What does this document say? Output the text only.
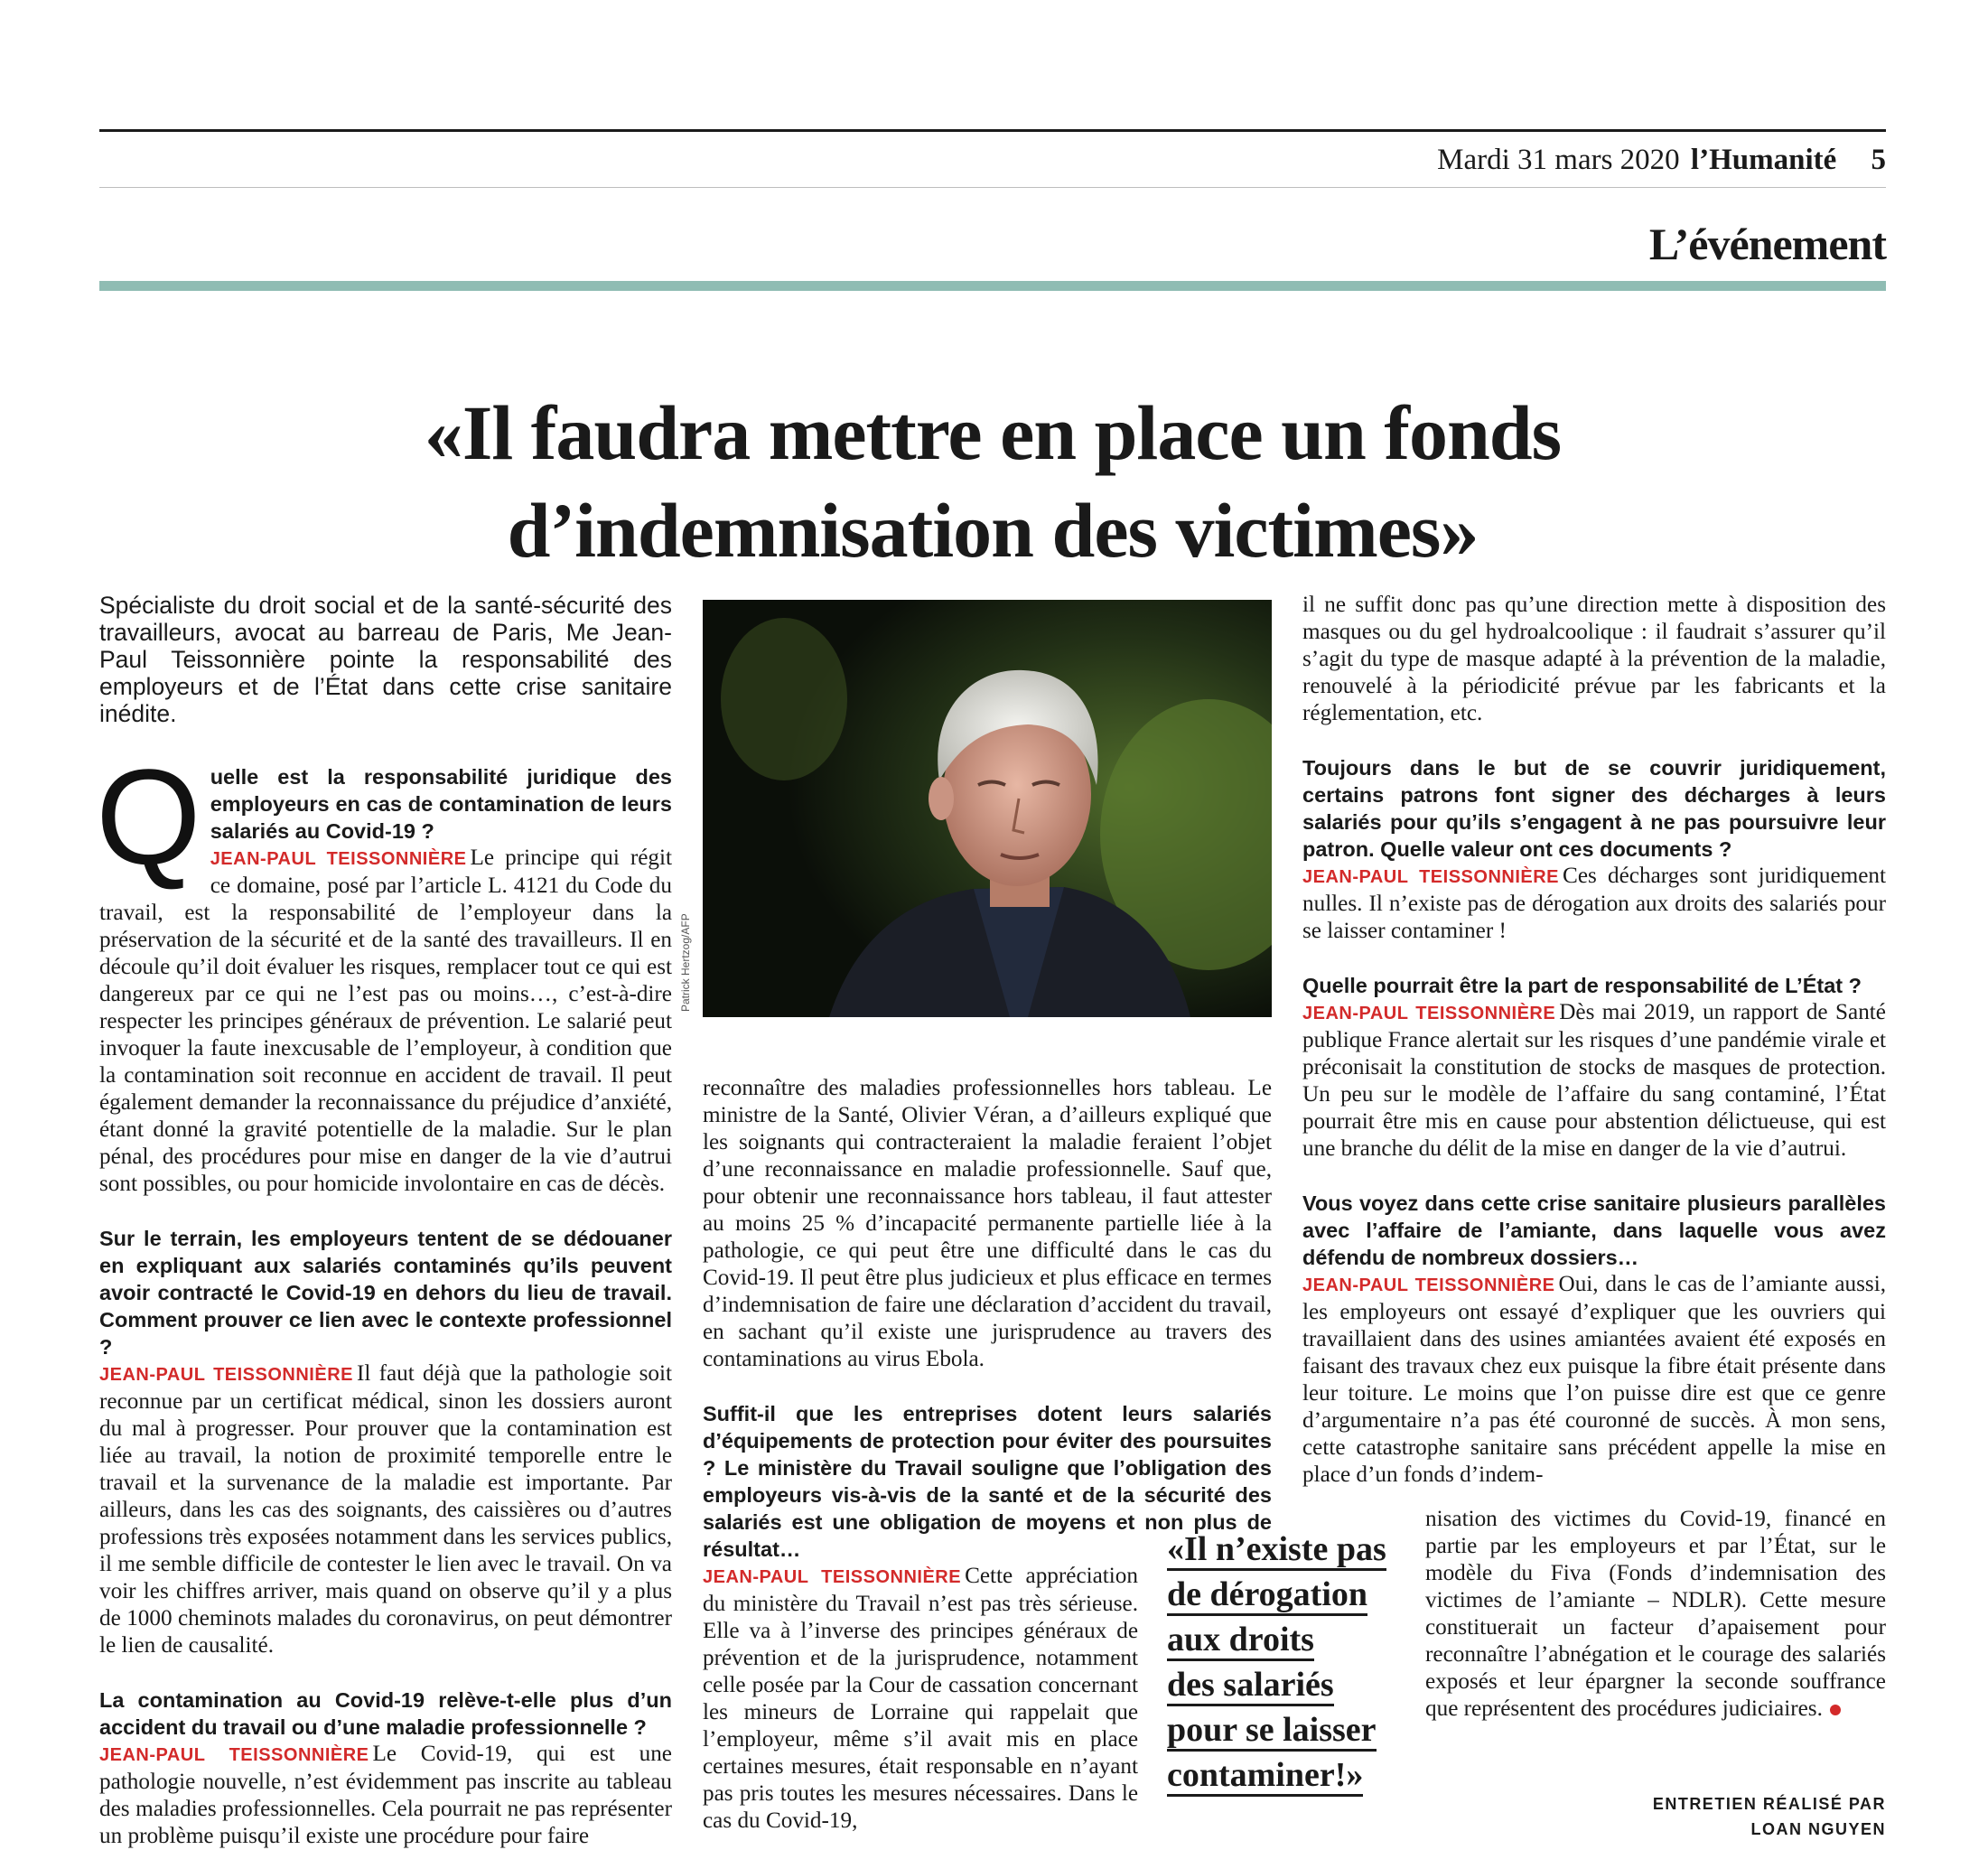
Mardi 31 mars 2020 l’Humanité 5
L’événement
«Il faudra mettre en place un fonds
d’indemnisation des victimes»

Spécialiste du droit social et de la santé-sécurité des travailleurs, avocat au barreau de Paris, Me Jean-Paul Teissonnière pointe la responsabilité des employeurs et de l’État dans cette crise sanitaire inédite.

Quelle est la responsabilité juridique des employeurs en cas de contamination de leurs salariés au Covid-19 ?

JEAN-PAUL TEISSONNIÈRE Le principe qui régit ce domaine, posé par l’article L. 4121 du Code du travail, est la responsabilité de l’employeur dans la préservation de la sécurité et de la santé des travailleurs. Il en découle qu’il doit évaluer les risques, remplacer tout ce qui est dangereux par ce qui ne l’est pas ou moins…, c’est-à-dire respecter les principes généraux de prévention. Le salarié peut invoquer la faute inexcusable de l’employeur, à condition que la contamination soit reconnue en accident de travail. Il peut également demander la reconnaissance du préjudice d’anxiété, étant donné la gravité potentielle de la maladie. Sur le plan pénal, des procédures pour mise en danger de la vie d’autrui sont possibles, ou pour homicide involontaire en cas de décès.

Sur le terrain, les employeurs tentent de se dédouaner en expliquant aux salariés contaminés qu’ils peuvent avoir contracté le Covid-19 en dehors du lieu de travail. Comment prouver ce lien avec le contexte professionnel ?

JEAN-PAUL TEISSONNIÈRE Il faut déjà que la pathologie soit reconnue par un certificat médical, sinon les dossiers auront du mal à progresser. Pour prouver que la contamination est liée au travail, la notion de proximité temporelle entre le travail et la survenance de la maladie est importante. Par ailleurs, dans les cas des soignants, des caissières ou d’autres professions très exposées notamment dans les services publics, il me semble difficile de contester le lien avec le travail. On va voir les chiffres arriver, mais quand on observe qu’il y a plus de 1000 cheminots malades du coronavirus, on peut démontrer le lien de causalité.

La contamination au Covid-19 relève-t-elle plus d’un accident du travail ou d’une maladie professionnelle ?

JEAN-PAUL TEISSONNIÈRE Le Covid-19, qui est une pathologie nouvelle, n’est évidemment pas inscrite au tableau des maladies professionnelles. Cela pourrait ne pas représenter un problème puisqu’il existe une procédure pour faire

Patrick Hertzog/AFP

reconnaître des maladies professionnelles hors tableau. Le ministre de la Santé, Olivier Véran, a d’ailleurs expliqué que les soignants qui contracteraient la maladie feraient l’objet d’une reconnaissance en maladie professionnelle. Sauf que, pour obtenir une reconnaissance hors tableau, il faut attester au moins 25 % d’incapacité permanente partielle liée à la pathologie, ce qui peut être une difficulté dans le cas du Covid-19. Il peut être plus judicieux et plus efficace en termes d’indemnisation de faire une déclaration d’accident du travail, en sachant qu’il existe une jurisprudence au travers des contaminations au virus Ebola.

Suffit-il que les entreprises dotent leurs salariés d’équipements de protection pour éviter des poursuites ? Le ministère du Travail souligne que l’obligation des employeurs vis-à-vis de la santé et de la sécurité des salariés est une obligation de moyens et non plus de résultat…

JEAN-PAUL TEISSONNIÈRE Cette appréciation du ministère du Travail n’est pas très sérieuse. Elle va à l’inverse des principes généraux de prévention et de la jurisprudence, notamment celle posée par la Cour de cassation concernant les mineurs de Lorraine qui rappelait que l’employeur, même s’il avait mis en place certaines mesures, était responsable en n’ayant pas pris toutes les mesures nécessaires. Dans le cas du Covid-19,

«Il n’existe pas
de dérogation
aux droits
des salariés
pour se laisser
contaminer!»

il ne suffit donc pas qu’une direction mette à disposition des masques ou du gel hydroalcoolique : il faudrait s’assurer qu’il s’agit du type de masque adapté à la prévention de la maladie, renouvelé à la périodicité prévue par les fabricants et la réglementation, etc.

Toujours dans le but de se couvrir juridiquement, certains patrons font signer des décharges à leurs salariés pour qu’ils s’engagent à ne pas poursuivre leur patron. Quelle valeur ont ces documents ?

JEAN-PAUL TEISSONNIÈRE Ces décharges sont juridiquement nulles. Il n’existe pas de dérogation aux droits des salariés pour se laisser contaminer !

Quelle pourrait être la part de responsabilité de L’État ?

JEAN-PAUL TEISSONNIÈRE Dès mai 2019, un rapport de Santé publique France alertait sur les risques d’une pandémie virale et préconisait la constitution de stocks de masques de protection. Un peu sur le modèle de l’affaire du sang contaminé, l’État pourrait être mis en cause pour abstention délictueuse, qui est une branche du délit de la mise en danger de la vie d’autrui.

Vous voyez dans cette crise sanitaire plusieurs parallèles avec l’affaire de l’amiante, dans laquelle vous avez défendu de nombreux dossiers…

JEAN-PAUL TEISSONNIÈRE Oui, dans le cas de l’amiante aussi, les employeurs ont essayé d’expliquer que les ouvriers qui travaillaient dans des usines amiantées avaient été exposés en faisant des travaux chez eux puisque la fibre était présente dans leur toiture. Le moins que l’on puisse dire est que ce genre d’argumentaire n’a pas été couronné de succès. À mon sens, cette catastrophe sanitaire sans précédent appelle la mise en place d’un fonds d’indem-

nisation des victimes du Covid-19, financé en partie par les employeurs et par l’État, sur le modèle du Fiva (Fonds d’indemnisation des victimes de l’amiante – NDLR). Cette mesure constituerait un facteur d’apaisement pour reconnaître l’abnégation et le courage des salariés exposés et leur épargner la seconde souffrance que représentent des procédures judiciaires.

ENTRETIEN RÉALISÉ PAR
LOAN NGUYEN
